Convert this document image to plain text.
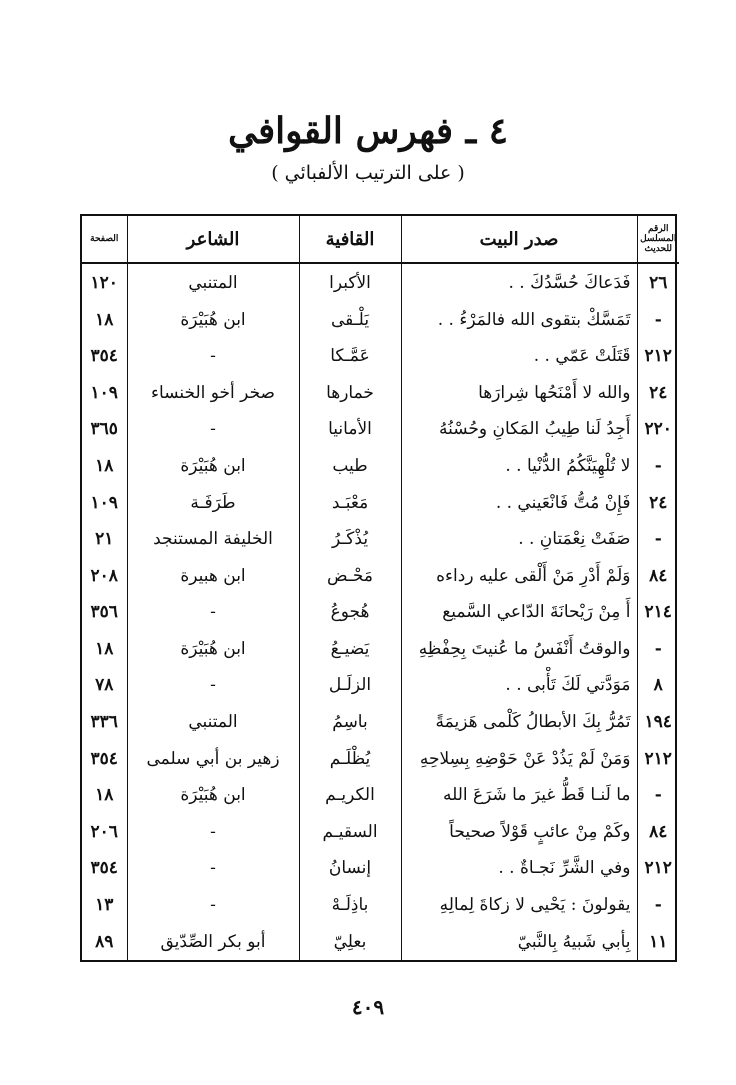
٤ ـ فهرس القوافي
( على الترتيب الألفبائي )
الرقم المسلسل للحديث	صدر البيت	القافية	الشاعر	الصفحة
٢٦	فَدَعاكَ حُسَّدُكَ . .	الأكبرا	المتنبي	١٢٠
-	تَمَسَّكْ بتقوى الله فالمَرْءُ . .	يَلْـقى	ابن هُبَيْرَة	١٨
٢١٢	قَتَلَتْ عَمّي . .	عَمَّـكا	-	٣٥٤
٢٤	والله لا أَمْنَحُها شِرارَها	خمارها	صخر أخو الخنساء	١٠٩
٢٢٠	أَجِدُ لَنا طِيبُ المَكانِ وحُسْنُهُ	الأمانيا	-	٣٦٥
-	لا تُلْهِيَنَّكُمُ الدُّنْيا . .	طيب	ابن هُبَيْرَة	١٨
٢٤	فَإِنْ مُتُّ فَانْعَيني . .	مَعْبَـد	طَرَفَـة	١٠٩
-	صَفَتْ نِعْمَتانِ . .	يُذْكَـرُ	الخليفة المستنجد	٢١
٨٤	وَلَمْ أَدْرِ مَنْ أَلْقى عليه رداءه	مَحْـض	ابن هبيرة	٢٠٨
٢١٤	أَ مِنْ رَيْحانَةَ الدّاعي السَّميع	هُجوعُ	-	٣٥٦
-	والوقتُ أَنْفَسُ ما عُنيتَ بِحِفْظِهِ	يَضيـعُ	ابن هُبَيْرَة	١٨
٨	مَوَدَّتي لَكَ تَأْبى . .	الزلَـل	-	٧٨
١٩٤	تَمُرُّ بِكَ الأبطالُ كَلْمى هَزيمَةً	باسِمُ	المتنبي	٣٣٦
٢١٢	وَمَنْ لَمْ يَذُدْ عَنْ حَوْضِهِ بِسِلاحِهِ	يُظْلَـم	زهير بن أبي سلمى	٣٥٤
-	ما لَنـا قَطُّ غيرَ ما شَرَعَ الله	الكريـم	ابن هُبَيْرَة	١٨
٨٤	وكَمْ مِنْ عائبٍ قَوْلاً صحيحاً	السقيـم	-	٢٠٦
٢١٢	وفي الشَّرِّ نَجـاةٌ . .	إنسانُ	-	٣٥٤
-	يقولونَ : يَحْيى لا زكاةَ لِمالِهِ	باذِلَـهْ	-	١٣
١١	بِأبي شَبيهُ بِالنَّبيّ	بعلِيّ	أبو بكر الصِّدّيق	٨٩
٤٠٩
